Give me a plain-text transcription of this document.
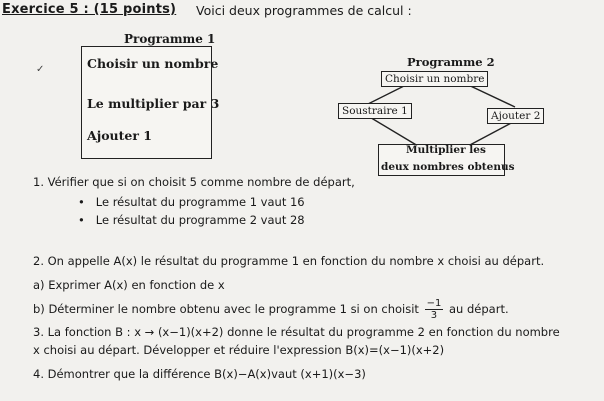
Exercice 5 : (15 points) Voici deux programmes de calcul :
Programme 1
Choisir un nombre
Le multiplier par 3
Ajouter 1
✓
Programme 2
Choisir un nombre
Soustraire 1	Ajouter 2
Multiplier les
deux nombres obtenus
1. Vérifier que si on choisit 5 comme nombre de départ,
• Le résultat du programme 1 vaut 16
• Le résultat du programme 2 vaut 28
2. On appelle A(x) le résultat du programme 1 en fonction du nombre x choisi au départ.
a) Exprimer A(x) en fonction de x
b) Déterminer le nombre obtenu avec le programme 1 si on choisit $\frac{-1}{3}$ au départ.
3. La fonction B : x → (x−1)(x+2) donne le résultat du programme 2 en fonction du nombre
x choisi au départ. Développer et réduire l'expression B(x)=(x−1)(x+2)
4. Démontrer que la différence B(x)−A(x)vaut (x+1)(x−3)
